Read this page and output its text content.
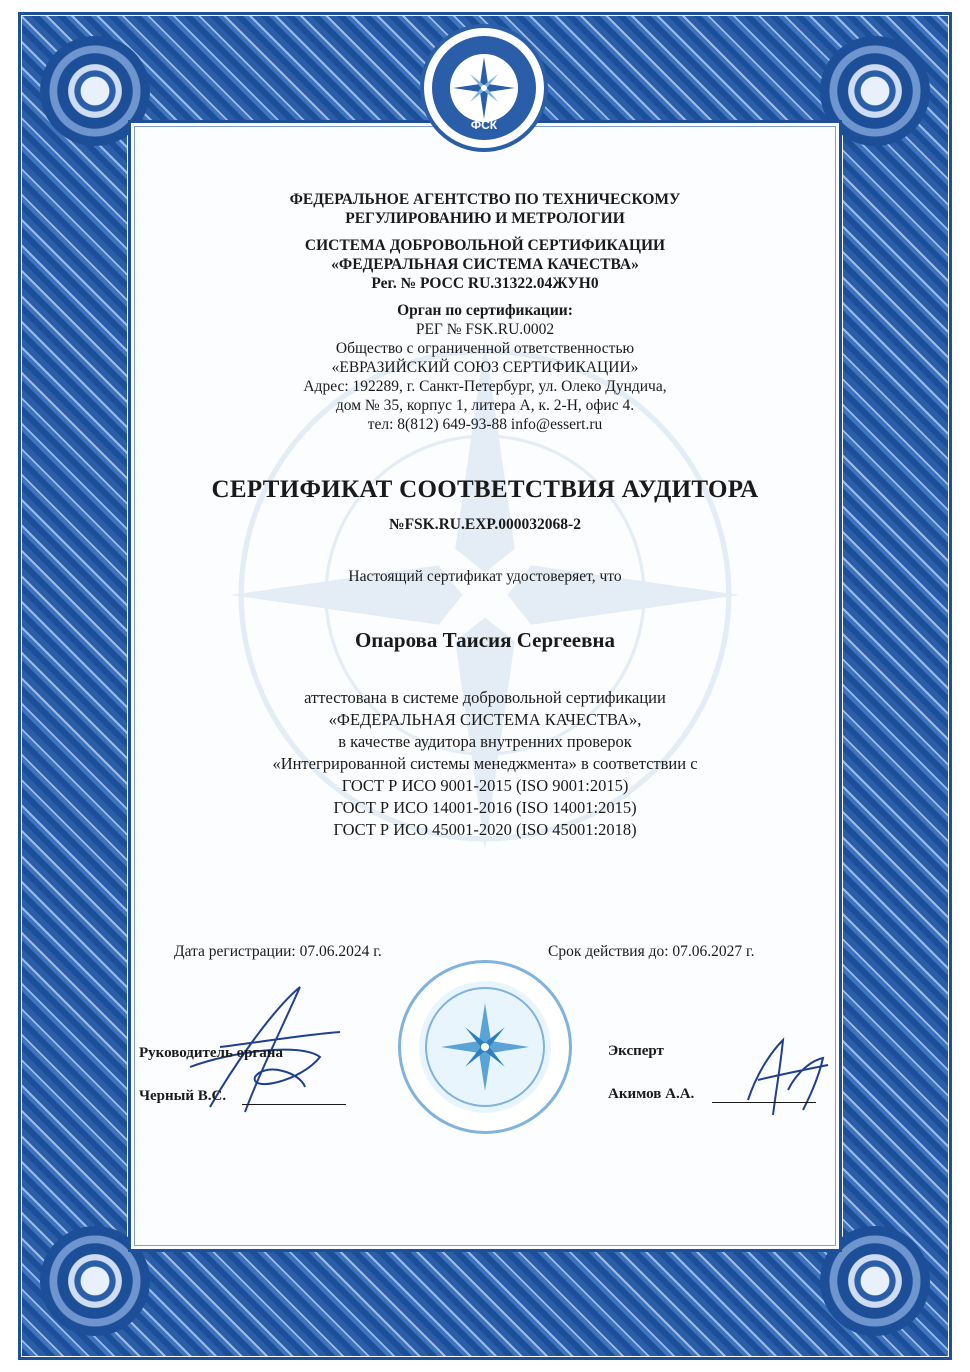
ФСК
ФЕДЕРАЛЬНОЕ АГЕНТСТВО ПО ТЕХНИЧЕСКОМУ
РЕГУЛИРОВАНИЮ И МЕТРОЛОГИИ
СИСТЕМА ДОБРОВОЛЬНОЙ СЕРТИФИКАЦИИ
«ФЕДЕРАЛЬНАЯ СИСТЕМА КАЧЕСТВА»
Рег. № РОСС RU.31322.04ЖУН0
Орган по сертификации:
РЕГ № FSK.RU.0002
Общество с ограниченной ответственностью
«ЕВРАЗИЙСКИЙ СОЮЗ СЕРТИФИКАЦИИ»
Адрес: 192289, г. Санкт-Петербург, ул. Олеко Дундича,
дом № 35, корпус 1, литера А, к. 2-Н, офис 4.
тел: 8(812) 649-93-88 info@essert.ru
СЕРТИФИКАТ СООТВЕТСТВИЯ АУДИТОРА
№FSK.RU.EXP.000032068-2
Настоящий сертификат удостоверяет, что
Опарова Таисия Сергеевна
аттестована в системе добровольной сертификации
«ФЕДЕРАЛЬНАЯ СИСТЕМА КАЧЕСТВА»,
в качестве аудитора внутренних проверок
«Интегрированной системы менеджмента» в соответствии с
ГОСТ Р ИСО 9001-2015 (ISO 9001:2015)
ГОСТ Р ИСО 14001-2016 (ISO 14001:2015)
ГОСТ Р ИСО 45001-2020 (ISO 45001:2018)
Дата регистрации: 07.06.2024 г.	Срок действия до: 07.06.2027 г.
Руководитель органа
Черный В.С.
Эксперт
Акимов А.А.
